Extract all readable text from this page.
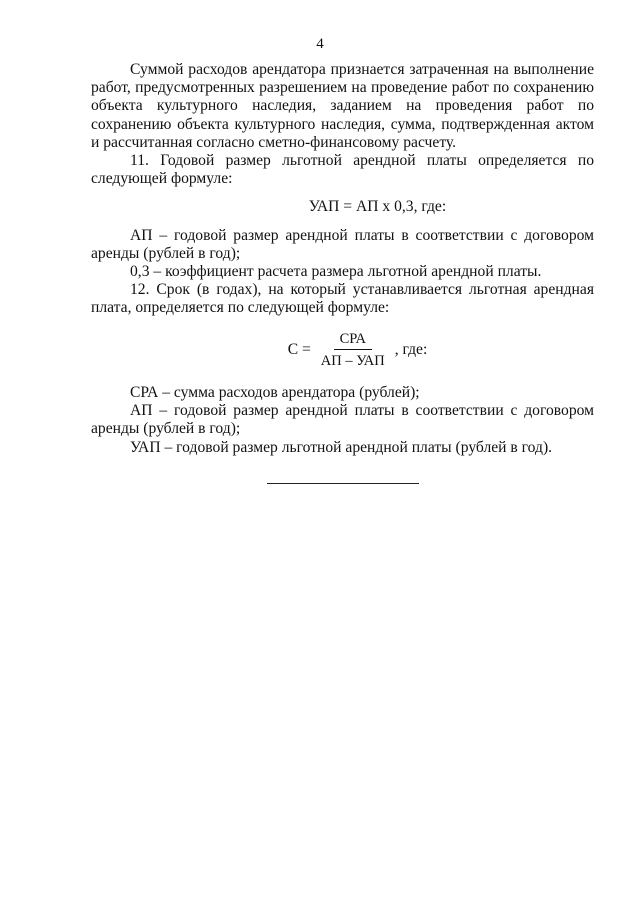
4

Суммой расходов арендатора признается затраченная на выполнение работ, предусмотренных разрешением на проведение работ по сохранению объекта культурного наследия, заданием на проведения работ по сохранению объекта культурного наследия, сумма, подтвержденная актом и рассчитанная согласно сметно-финансовому расчету.

11. Годовой размер льготной арендной платы определяется по следующей формуле:

УАП = АП x 0,3, где:

АП – годовой размер арендной платы в соответствии с договором аренды (рублей в год);

0,3 – коэффициент расчета размера льготной арендной платы.

12. Срок (в годах), на который устанавливается льготная арендная плата, определяется по следующей формуле:

$С = \frac{\text{СРА}}{\text{АП – УАП}}$ , где:

СРА – сумма расходов арендатора (рублей);

АП – годовой размер арендной платы в соответствии с договором аренды (рублей в год);

УАП – годовой размер льготной арендной платы (рублей в год).
